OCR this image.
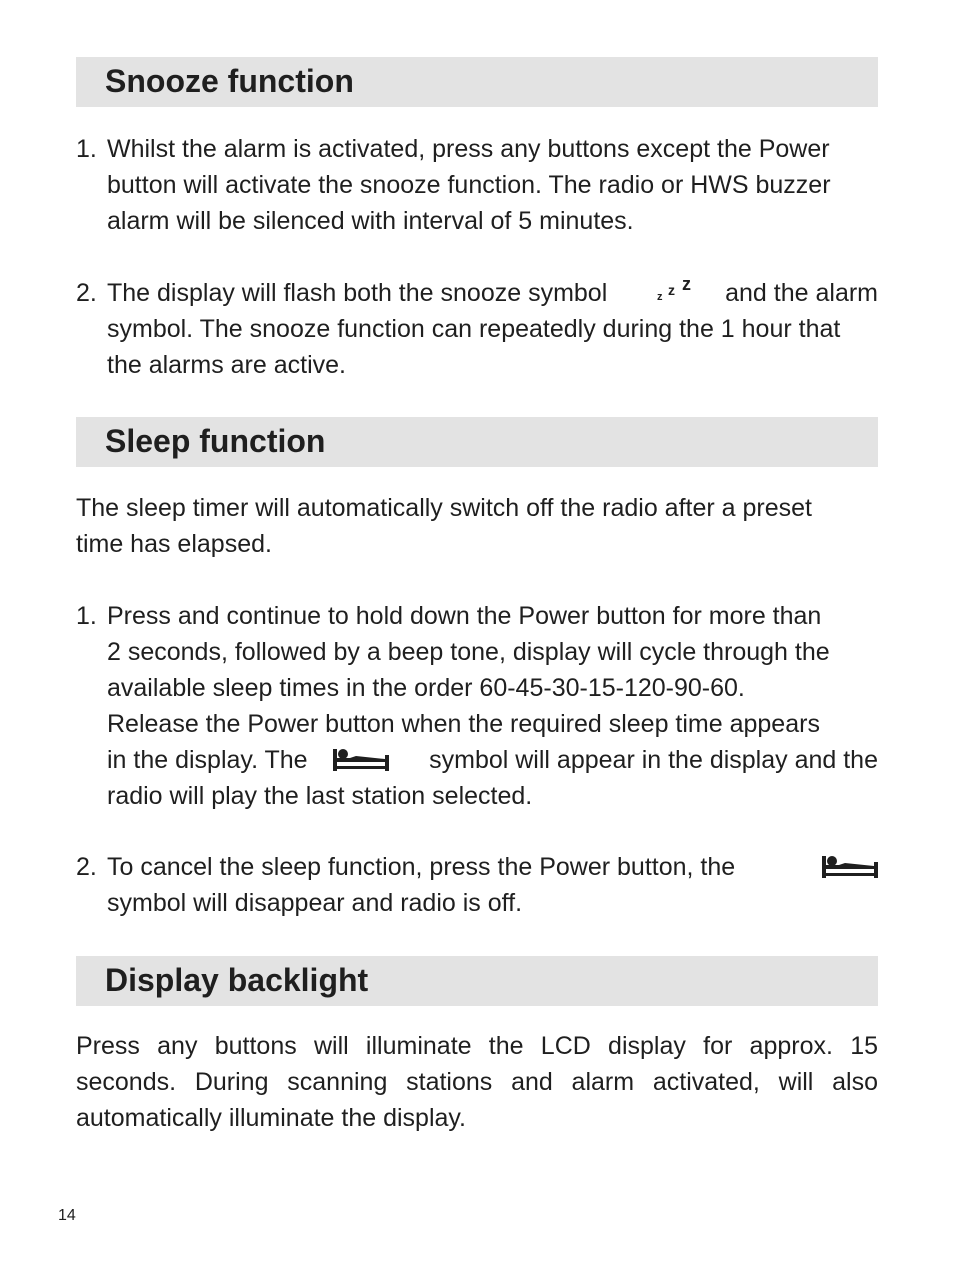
Snooze function
1. Whilst the alarm is activated, press any buttons except the Power
button will activate the snooze function. The radio or HWS buzzer
alarm will be silenced with interval of 5 minutes.
2. The display will flash both the snooze symbol	z z z and the alarm
symbol. The snooze function can repeatedly during the 1 hour that
the alarms are active.
Sleep function
The sleep timer will automatically switch off the radio after a preset
time has elapsed.
1. Press and continue to hold down the Power button for more than
2 seconds, followed by a beep tone, display will cycle through the
available sleep times in the order 60-45-30-15-120-90-60.
Release the Power button when the required sleep time appears
in the display. The	symbol will appear in the display and the
radio will play the last station selected.
2. To cancel the sleep function, press the Power button, the
symbol will disappear and radio is off.
Display backlight
Press any buttons will illuminate the LCD display for approx. 15
seconds. During scanning stations and alarm activated, will also
automatically illuminate the display.
14
